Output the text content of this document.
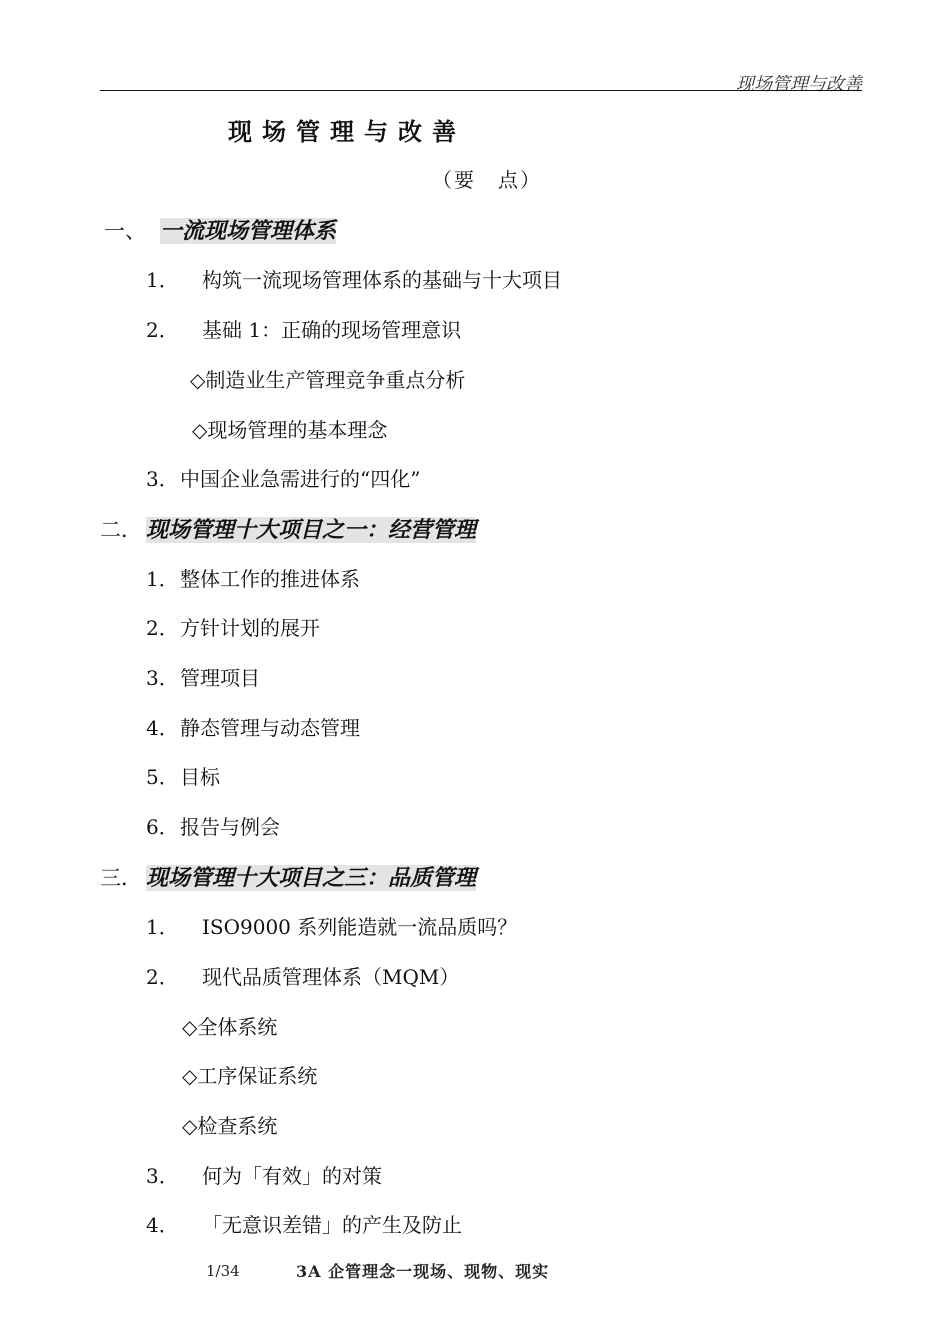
现场管理与改善
现场管理与改善
（要　点）
一、 一流现场管理体系
1． 构筑一流现场管理体系的基础与十大项目
2． 基础 1：正确的现场管理意识
◇制造业生产管理竞争重点分析
◇现场管理的基本理念
3．中国企业急需进行的“四化”
二． 现场管理十大项目之一：经营管理
1．整体工作的推进体系
2．方针计划的展开
3．管理项目
4．静态管理与动态管理
5．目标
6．报告与例会
三． 现场管理十大项目之三：品质管理
1． ISO9000 系列能造就一流品质吗？
2． 现代品质管理体系（MQM）
◇全体系统
◇工序保证系统
◇检查系统
3． 何为「有效」的对策
4． 「无意识差错」的产生及防止
1/34	3A 企管理念一现场、现物、现实
